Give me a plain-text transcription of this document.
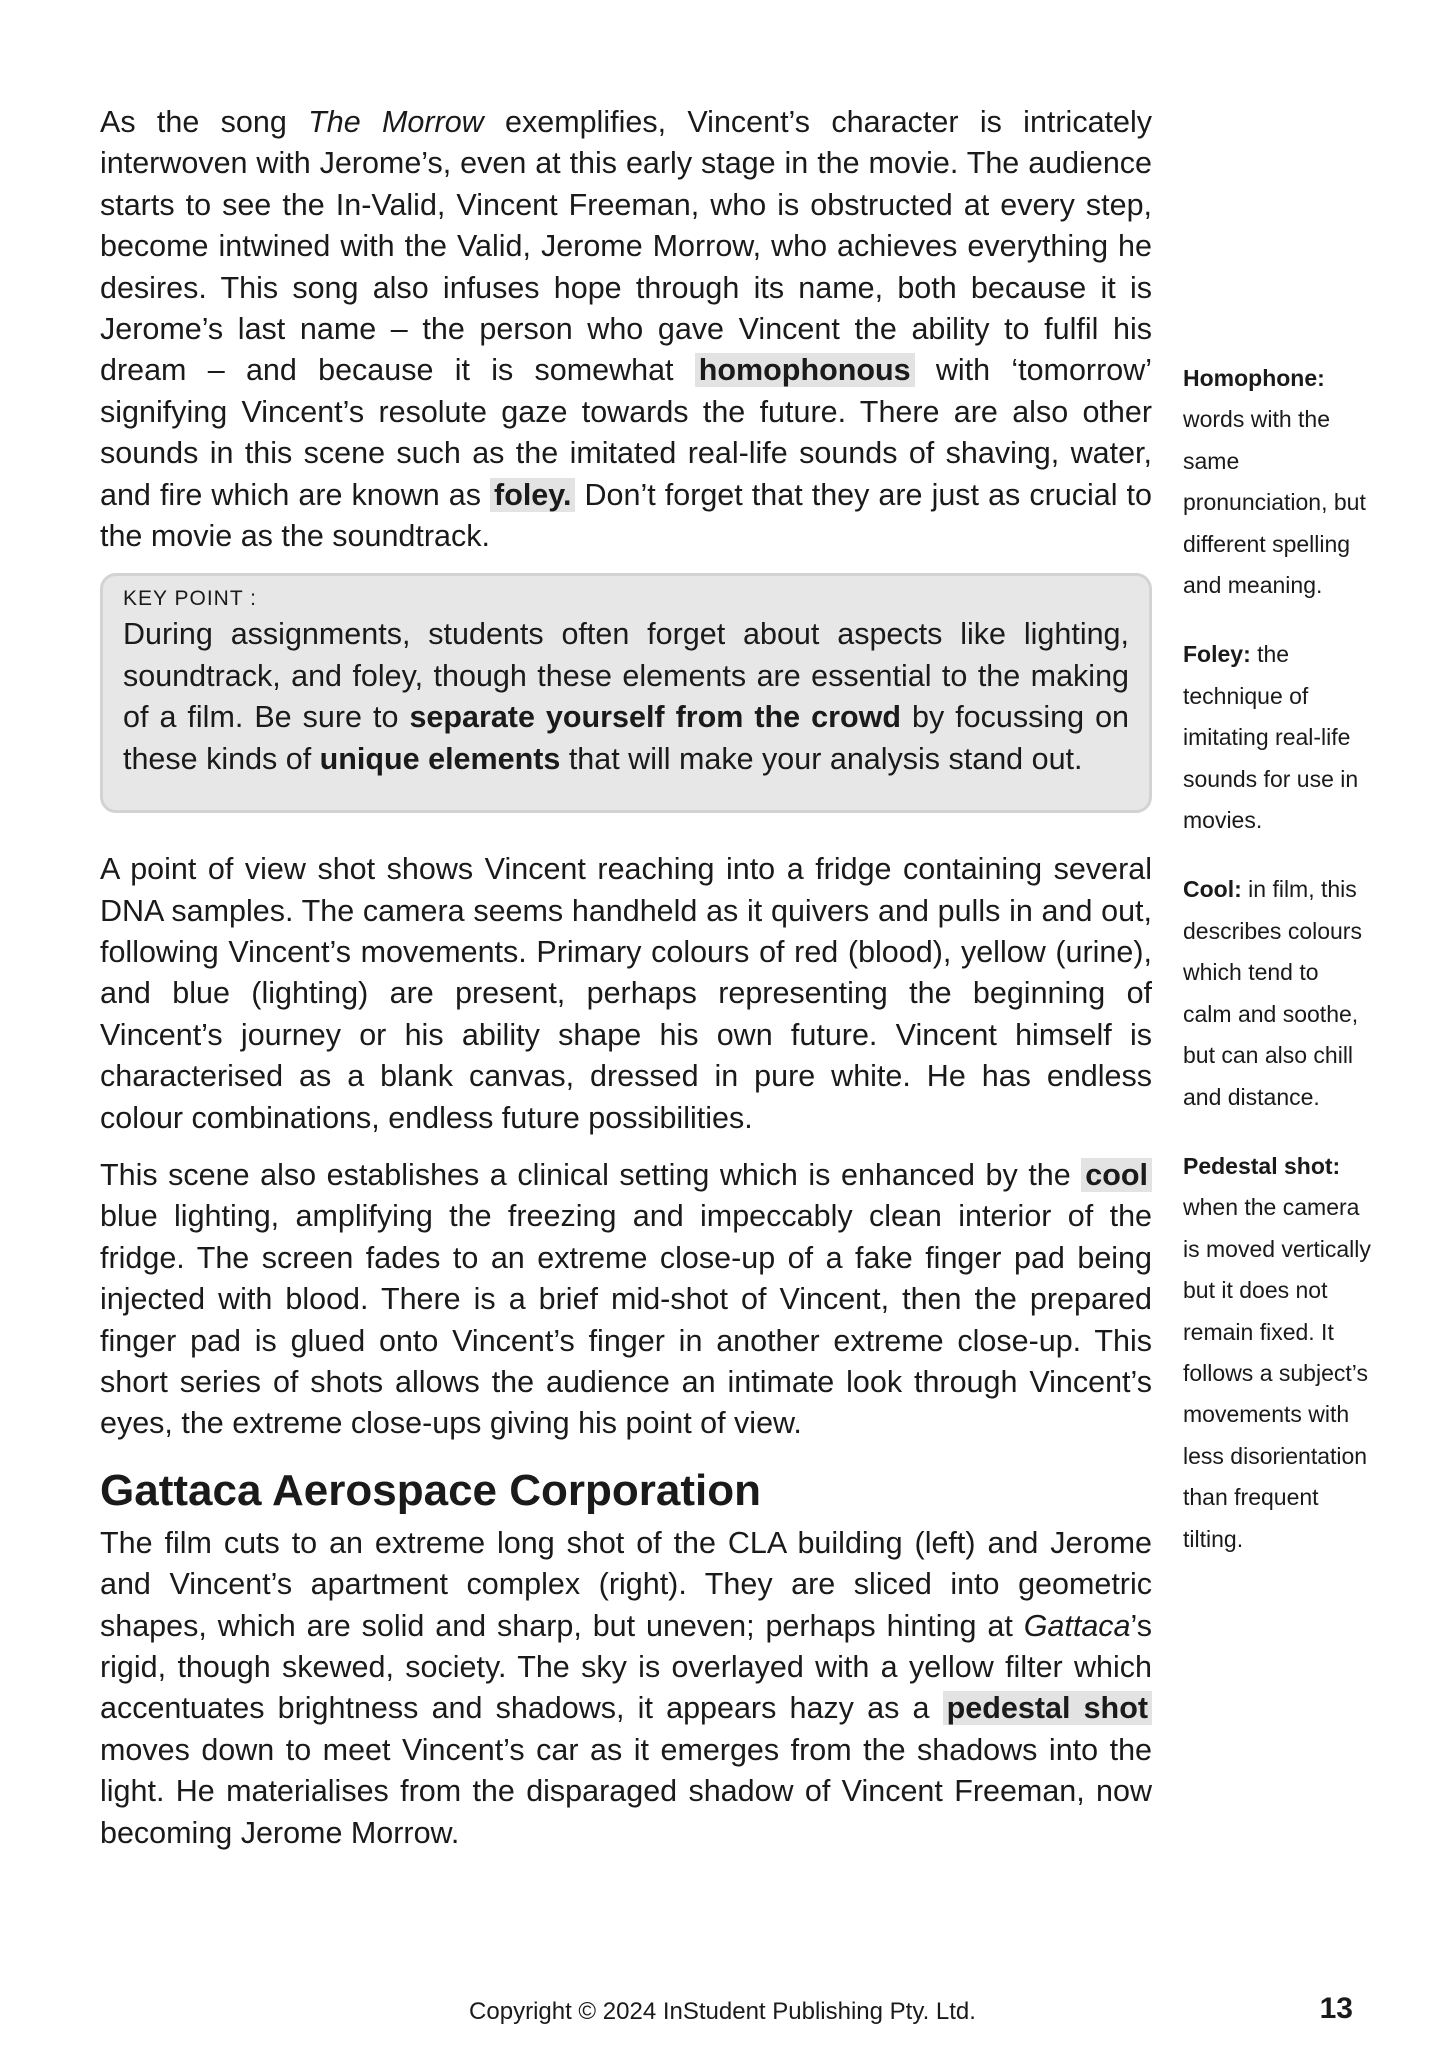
As the song The Morrow exemplifies, Vincent’s character is intricately interwoven with Jerome’s, even at this early stage in the movie. The audience starts to see the In-Valid, Vincent Freeman, who is obstructed at every step, become intwined with the Valid, Jerome Morrow, who achieves everything he desires. This song also infuses hope through its name, both because it is Jerome’s last name – the person who gave Vincent the ability to fulfil his dream – and because it is somewhat homophonous with ‘tomorrow’ signifying Vincent’s resolute gaze towards the future. There are also other sounds in this scene such as the imitated real-life sounds of shaving, water, and fire which are known as foley. Don’t forget that they are just as crucial to the movie as the soundtrack.

KEY POINT :

During assignments, students often forget about aspects like lighting, soundtrack, and foley, though these elements are essential to the making of a film. Be sure to separate yourself from the crowd by focussing on these kinds of unique elements that will make your analysis stand out.

A point of view shot shows Vincent reaching into a fridge containing several DNA samples. The camera seems handheld as it quivers and pulls in and out, following Vincent’s movements. Primary colours of red (blood), yellow (urine), and blue (lighting) are present, perhaps representing the beginning of Vincent’s journey or his ability shape his own future. Vincent himself is characterised as a blank canvas, dressed in pure white. He has endless colour combinations, endless future possibilities.

This scene also establishes a clinical setting which is enhanced by the cool blue lighting, amplifying the freezing and impeccably clean interior of the fridge. The screen fades to an extreme close-up of a fake finger pad being injected with blood. There is a brief mid-shot of Vincent, then the prepared finger pad is glued onto Vincent’s finger in another extreme close-up. This short series of shots allows the audience an intimate look through Vincent’s eyes, the extreme close-ups giving his point of view.

Gattaca Aerospace Corporation

The film cuts to an extreme long shot of the CLA building (left) and Jerome and Vincent’s apartment complex (right). They are sliced into geometric shapes, which are solid and sharp, but uneven; perhaps hinting at Gattaca’s rigid, though skewed, society. The sky is overlayed with a yellow filter which accentuates brightness and shadows, it appears hazy as a pedestal shot moves down to meet Vincent’s car as it emerges from the shadows into the light. He materialises from the disparaged shadow of Vincent Freeman, now becoming Jerome Morrow.

Homophone: words with the same pronunciation, but different spelling and meaning.
Foley: the technique of imitating real-life sounds for use in movies.
Cool: in film, this describes colours which tend to calm and soothe, but can also chill and distance.
Pedestal shot: when the camera is moved vertically but it does not remain fixed. It follows a subject’s movements with less disorientation than frequent tilting.
Copyright © 2024 InStudent Publishing Pty. Ltd.	13
